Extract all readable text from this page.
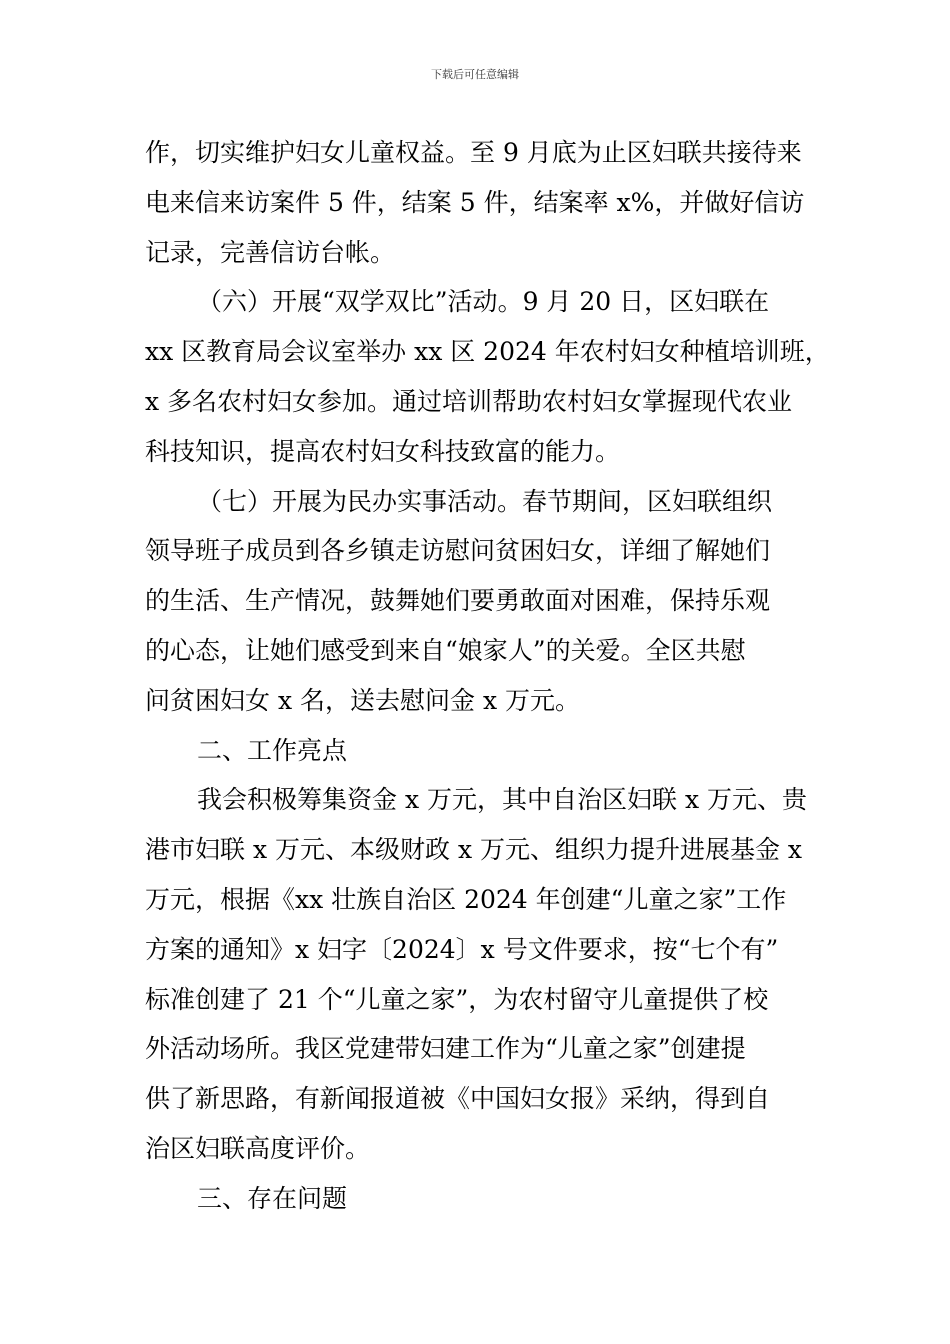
下载后可任意编辑
作，切实维护妇女儿童权益。至 9 月底为止区妇联共接待来
电来信来访案件 5 件，结案 5 件，结案率 x%，并做好信访
记录，完善信访台帐。
（六）开展“双学双比”活动。9 月 20 日，区妇联在
xx 区教育局会议室举办 xx 区 2024 年农村妇女种植培训班，
x 多名农村妇女参加。通过培训帮助农村妇女掌握现代农业
科技知识，提高农村妇女科技致富的能力。
（七）开展为民办实事活动。春节期间，区妇联组织
领导班子成员到各乡镇走访慰问贫困妇女，详细了解她们
的生活、生产情况，鼓舞她们要勇敢面对困难，保持乐观
的心态，让她们感受到来自“娘家人”的关爱。全区共慰
问贫困妇女 x 名，送去慰问金 x 万元。
二、工作亮点
我会积极筹集资金 x 万元，其中自治区妇联 x 万元、贵
港市妇联 x 万元、本级财政 x 万元、组织力提升进展基金 x
万元，根据《xx 壮族自治区 2024 年创建“儿童之家”工作
方案的通知》x 妇字〔2024〕x 号文件要求，按“七个有”
标准创建了 21 个“儿童之家”，为农村留守儿童提供了校
外活动场所。我区党建带妇建工作为“儿童之家”创建提
供了新思路，有新闻报道被《中国妇女报》采纳，得到自
治区妇联高度评价。
三、存在问题
